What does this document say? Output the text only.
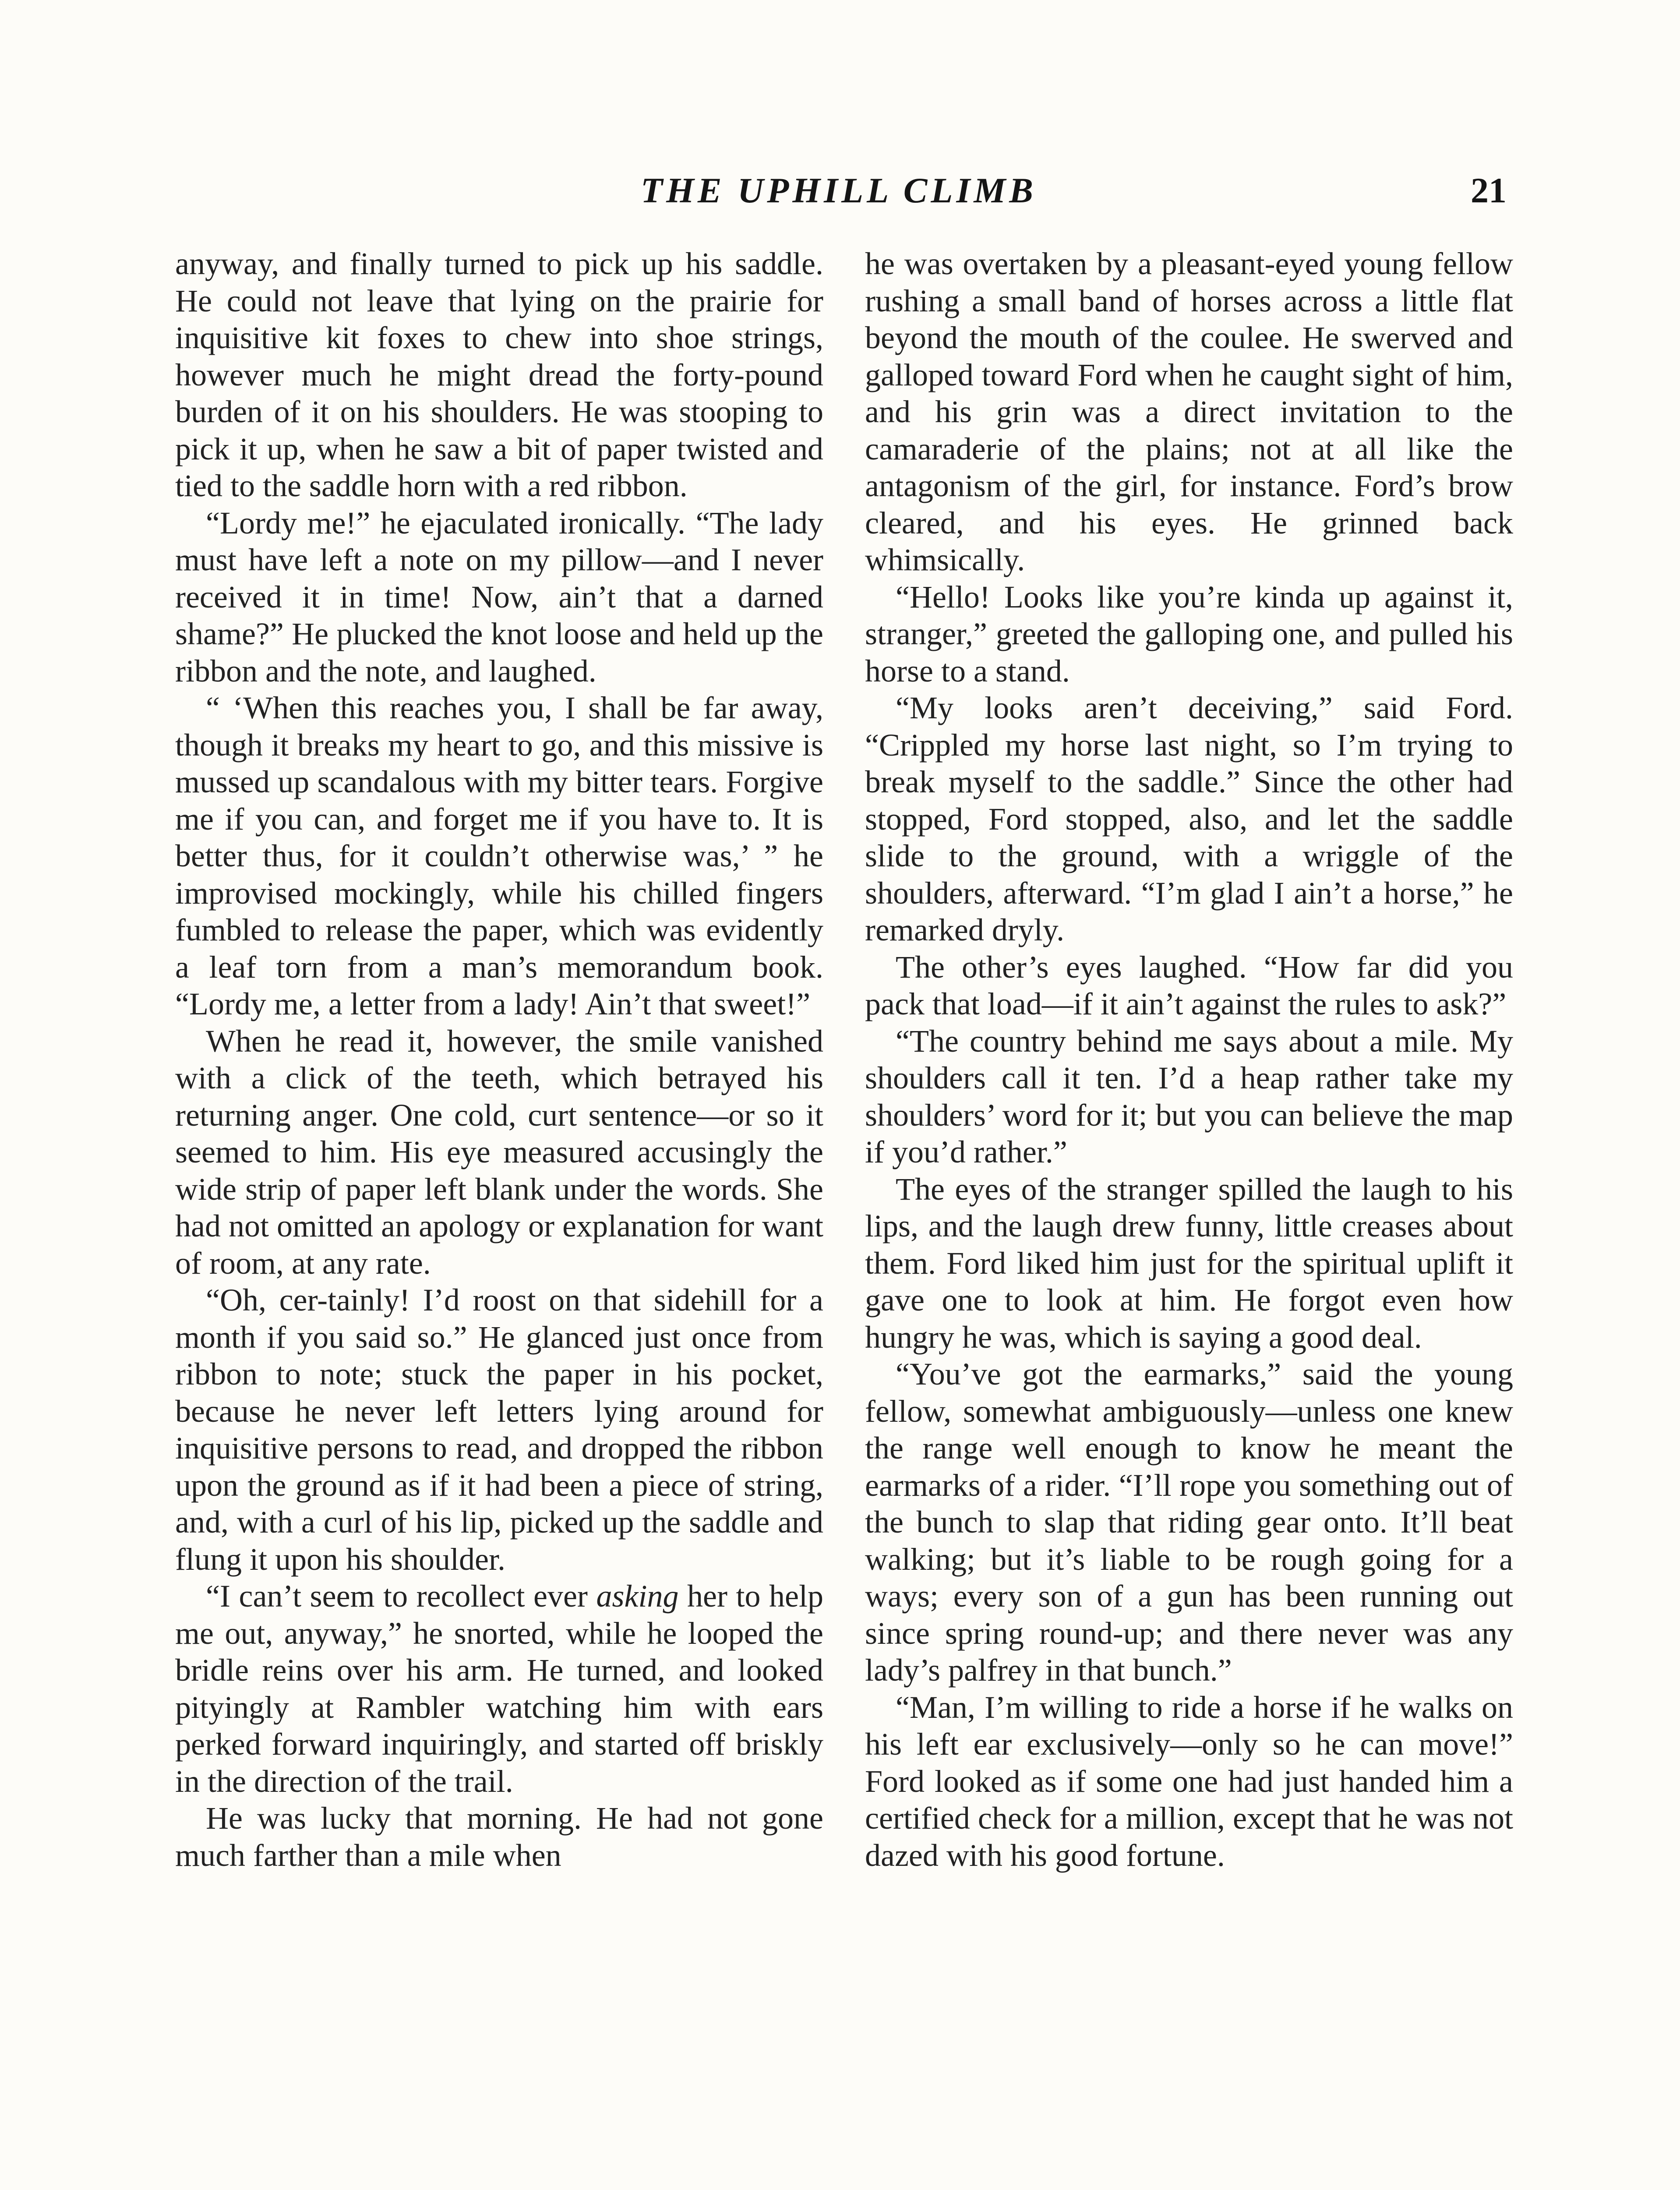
THE UPHILL CLIMB	21

anyway, and finally turned to pick up his saddle. He could not leave that lying on the prairie for inquisitive kit foxes to chew into shoe strings, however much he might dread the forty-pound burden of it on his shoulders. He was stooping to pick it up, when he saw a bit of paper twisted and tied to the saddle horn with a red ribbon.

“Lordy me!” he ejaculated ironically. “The lady must have left a note on my pillow—and I never received it in time! Now, ain’t that a darned shame?” He plucked the knot loose and held up the ribbon and the note, and laughed.

“ ‘When this reaches you, I shall be far away, though it breaks my heart to go, and this missive is mussed up scandalous with my bitter tears. Forgive me if you can, and forget me if you have to. It is better thus, for it couldn’t otherwise was,’ ” he improvised mockingly, while his chilled fingers fumbled to release the paper, which was evidently a leaf torn from a man’s memorandum book. “Lordy me, a letter from a lady! Ain’t that sweet!”

When he read it, however, the smile vanished with a click of the teeth, which betrayed his returning anger. One cold, curt sentence—or so it seemed to him. His eye measured accusingly the wide strip of paper left blank under the words. She had not omitted an apology or explanation for want of room, at any rate.

“Oh, cer-tainly! I’d roost on that sidehill for a month if you said so.” He glanced just once from ribbon to note; stuck the paper in his pocket, because he never left letters lying around for inquisitive persons to read, and dropped the ribbon upon the ground as if it had been a piece of string, and, with a curl of his lip, picked up the saddle and flung it upon his shoulder.

“I can’t seem to recollect ever asking her to help me out, anyway,” he snorted, while he looped the bridle reins over his arm. He turned, and looked pityingly at Rambler watching him with ears perked forward inquiringly, and started off briskly in the direction of the trail.

He was lucky that morning. He had not gone much farther than a mile when

he was overtaken by a pleasant-eyed young fellow rushing a small band of horses across a little flat beyond the mouth of the coulee. He swerved and galloped toward Ford when he caught sight of him, and his grin was a direct invitation to the camaraderie of the plains; not at all like the antagonism of the girl, for instance. Ford’s brow cleared, and his eyes. He grinned back whimsically.

“Hello! Looks like you’re kinda up against it, stranger,” greeted the galloping one, and pulled his horse to a stand.

“My looks aren’t deceiving,” said Ford. “Crippled my horse last night, so I’m trying to break myself to the saddle.” Since the other had stopped, Ford stopped, also, and let the saddle slide to the ground, with a wriggle of the shoulders, afterward. “I’m glad I ain’t a horse,” he remarked dryly.

The other’s eyes laughed. “How far did you pack that load—if it ain’t against the rules to ask?”

“The country behind me says about a mile. My shoulders call it ten. I’d a heap rather take my shoulders’ word for it; but you can believe the map if you’d rather.”

The eyes of the stranger spilled the laugh to his lips, and the laugh drew funny, little creases about them. Ford liked him just for the spiritual uplift it gave one to look at him. He forgot even how hungry he was, which is saying a good deal.

“You’ve got the earmarks,” said the young fellow, somewhat ambiguously—unless one knew the range well enough to know he meant the earmarks of a rider. “I’ll rope you something out of the bunch to slap that riding gear onto. It’ll beat walking; but it’s liable to be rough going for a ways; every son of a gun has been running out since spring round-up; and there never was any lady’s palfrey in that bunch.”

“Man, I’m willing to ride a horse if he walks on his left ear exclusively—only so he can move!” Ford looked as if some one had just handed him a certified check for a million, except that he was not dazed with his good fortune.
